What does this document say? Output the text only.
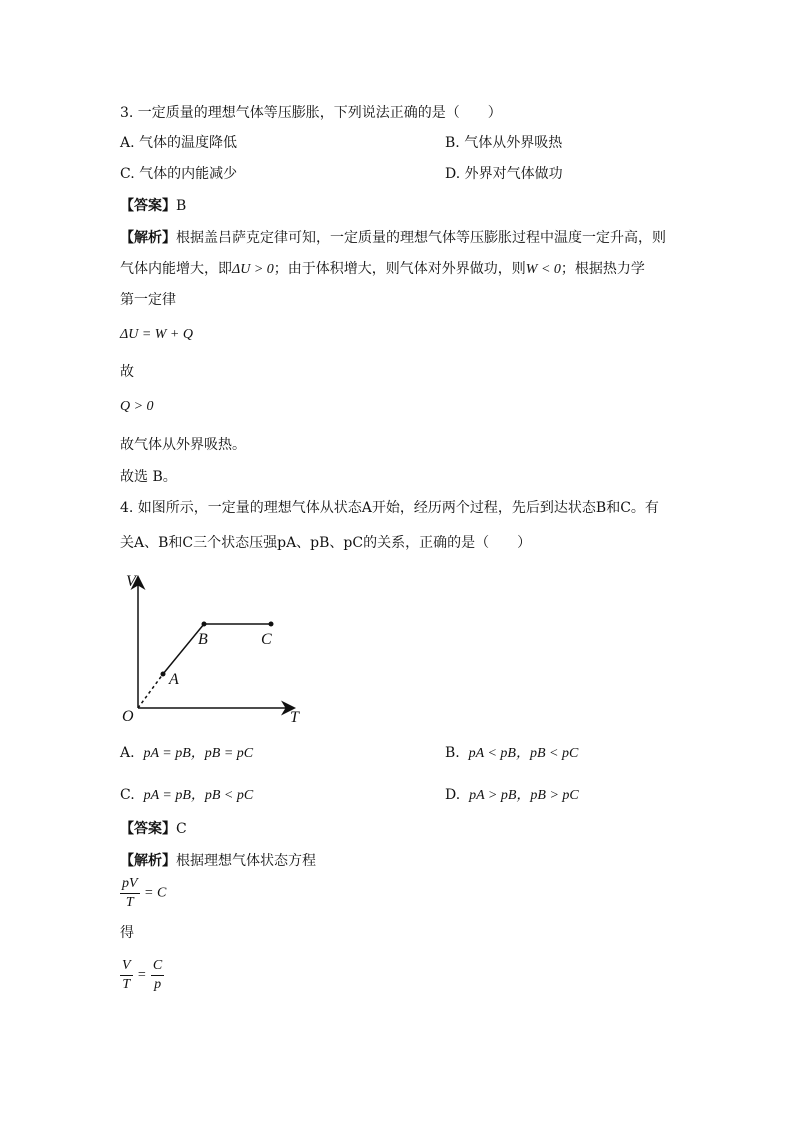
3. 一定质量的理想气体等压膨胀，下列说法正确的是（　　）
A. 气体的温度降低	B. 气体从外界吸热
C. 气体的内能减少	D. 外界对气体做功
【答案】B
【解析】根据盖吕萨克定律可知，一定质量的理想气体等压膨胀过程中温度一定升高，则
气体内能增大，即ΔU > 0；由于体积增大，则气体对外界做功，则W < 0；根据热力学
第一定律
ΔU = W + Q
故
Q > 0
故气体从外界吸热。
故选 B。
4. 如图所示，一定量的理想气体从状态A开始，经历两个过程，先后到达状态B和C。有
关A、B和C三个状态压强pA、pB、pC的关系，正确的是（　　）
V
T
O
A
B	C
A. pA = pB，pB = pC	B. pA < pB，pB < pC
C. pA = pB，pB < pC	D. pA > pB，pB > pC
【答案】C
【解析】根据理想气体状态方程
$\frac{pV}{T} = C$
得
$\frac{V}{T} = \frac{C}{p}$
